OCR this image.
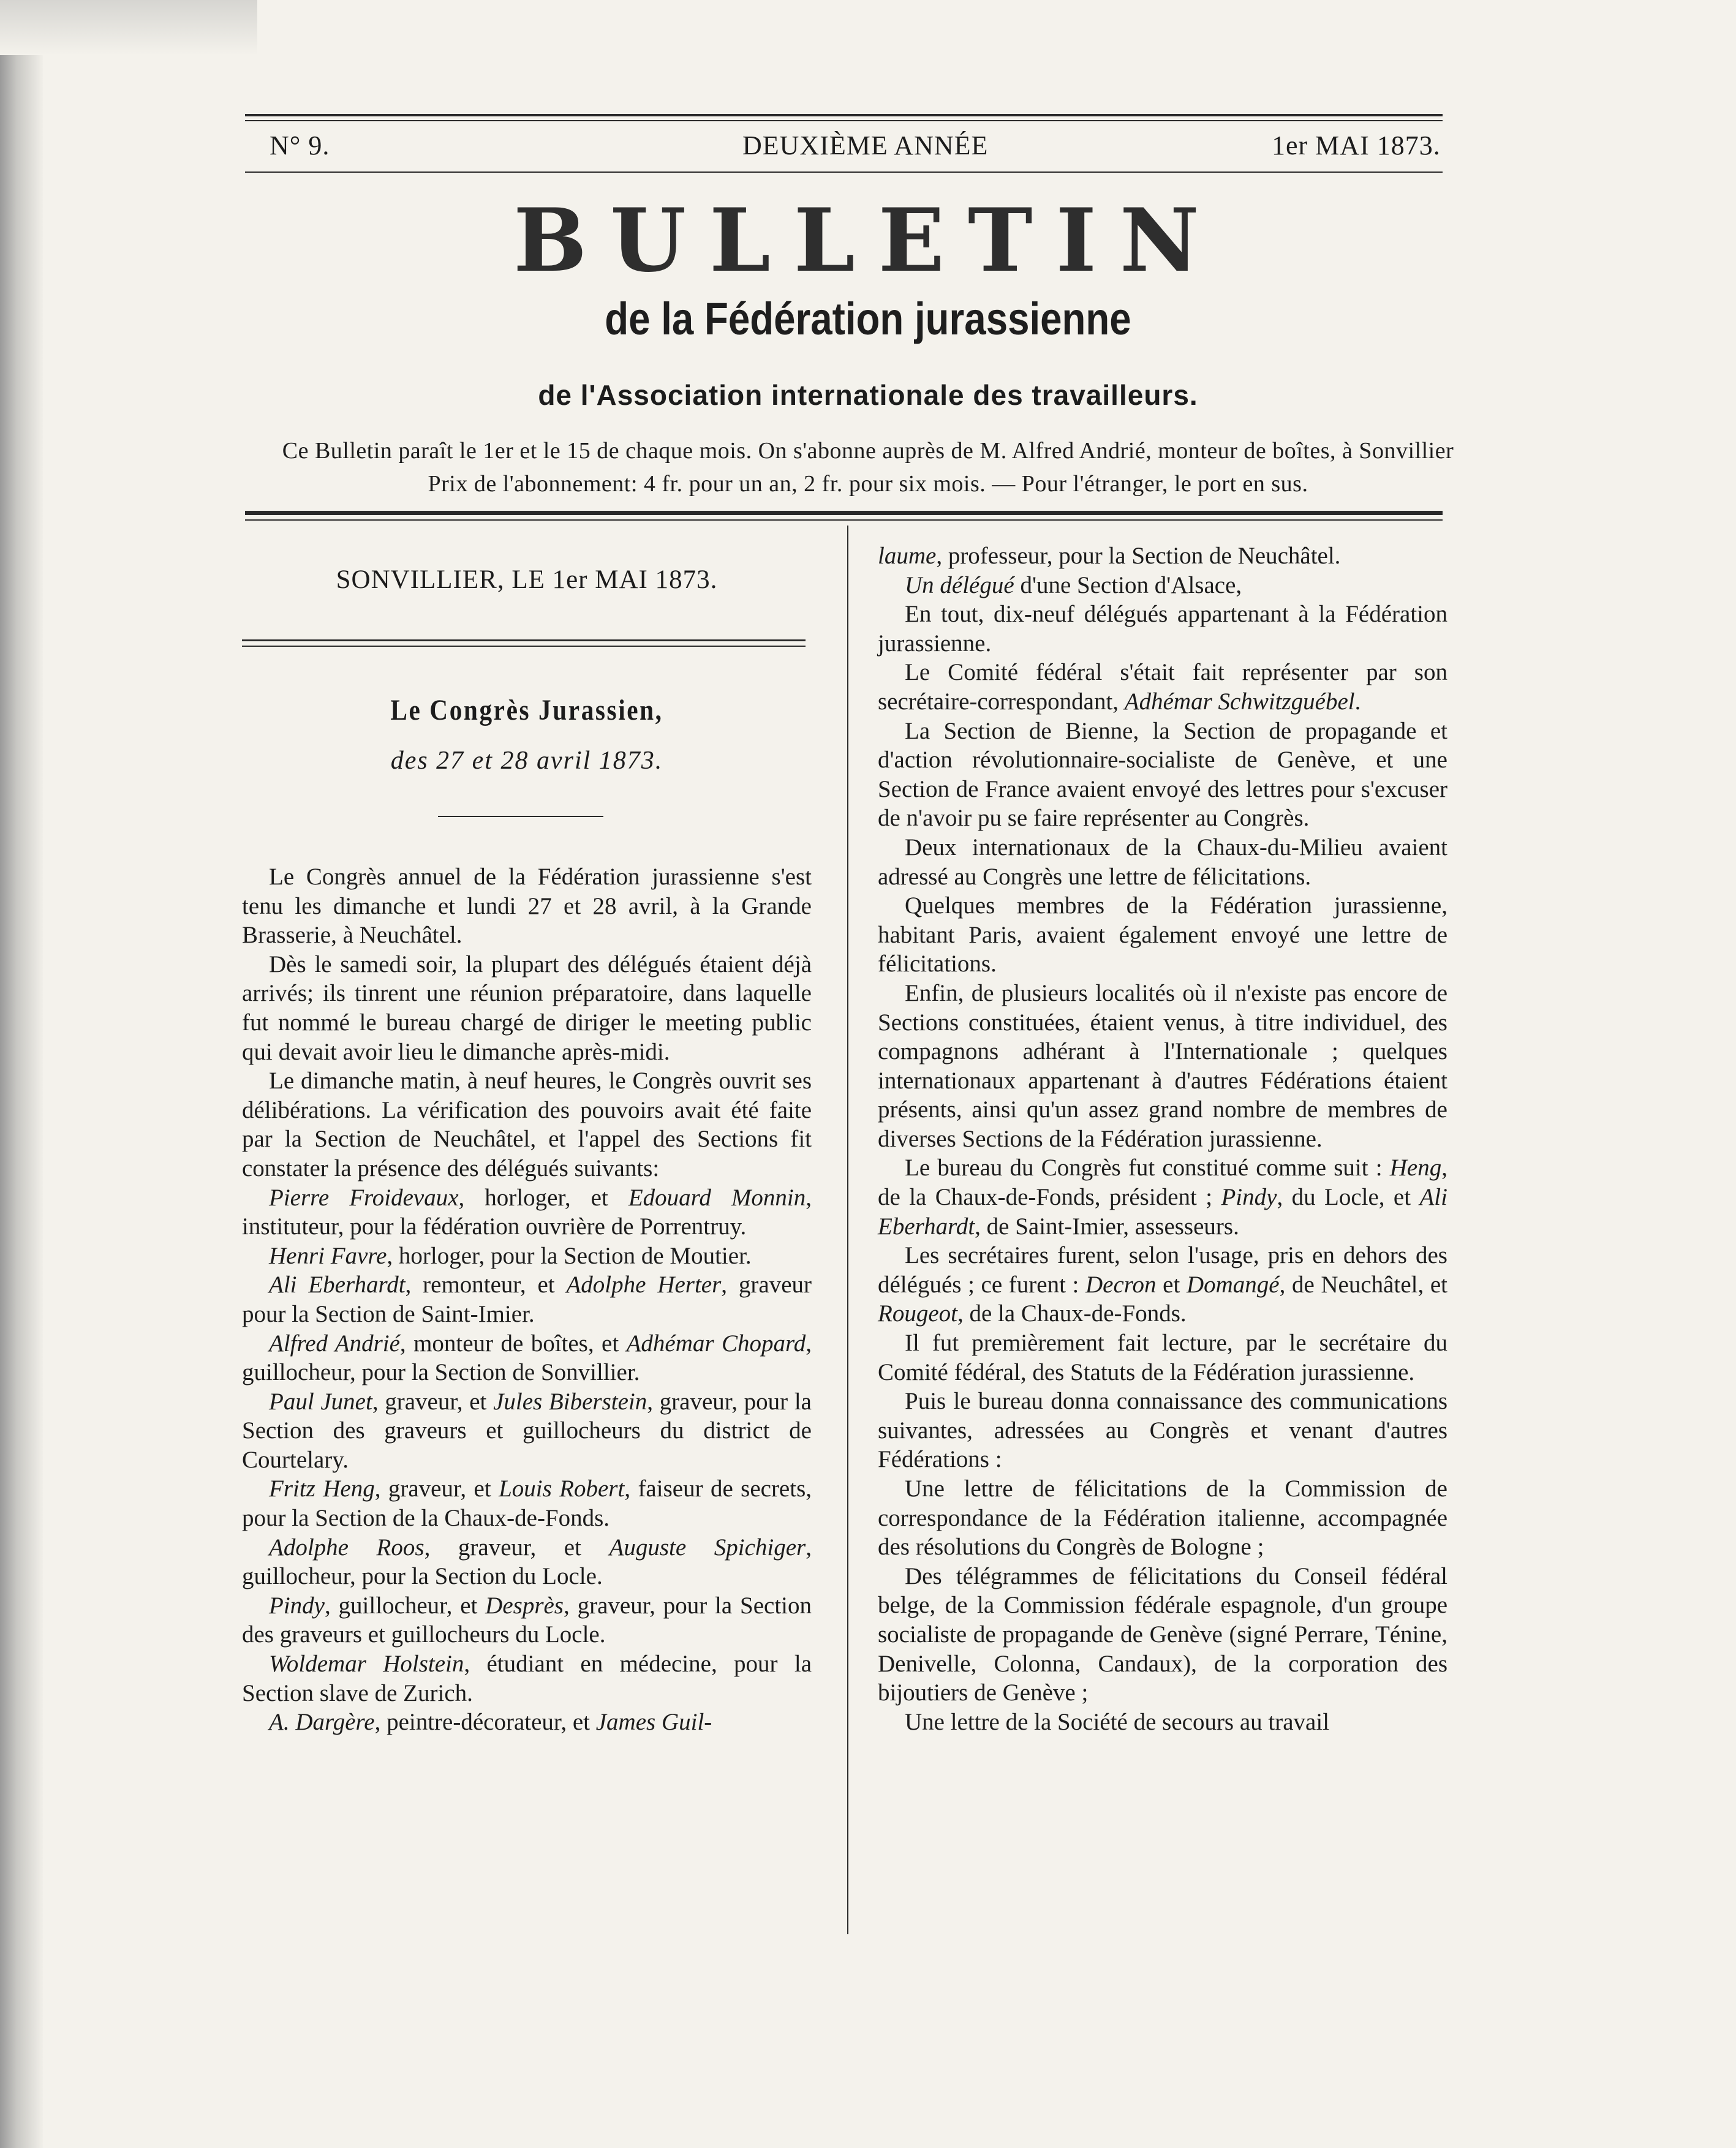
N° 9.	DEUXIÈME ANNÉE	1er MAI 1873.
BULLETIN
de la Fédération jurassienne
de l'Association internationale des travailleurs.
Ce Bulletin paraît le 1er et le 15 de chaque mois. On s'abonne auprès de M. Alfred Andrié, monteur de boîtes, à Sonvillier
Prix de l'abonnement: 4 fr. pour un an, 2 fr. pour six mois. — Pour l'étranger, le port en sus.
SONVILLIER, LE 1er MAI 1873.
Le Congrès Jurassien,
des 27 et 28 avril 1873.

Le Congrès annuel de la Fédération jurassienne s'est tenu les dimanche et lundi 27 et 28 avril, à la Grande Brasserie, à Neuchâtel.

Dès le samedi soir, la plupart des délégués étaient déjà arrivés; ils tinrent une réunion préparatoire, dans laquelle fut nommé le bureau chargé de diriger le meeting public qui devait avoir lieu le dimanche après-midi.

Le dimanche matin, à neuf heures, le Congrès ouvrit ses délibérations. La vérification des pouvoirs avait été faite par la Section de Neuchâtel, et l'appel des Sections fit constater la présence des délégués suivants:

Pierre Froidevaux, horloger, et Edouard Monnin, instituteur, pour la fédération ouvrière de Porrentruy.

Henri Favre, horloger, pour la Section de Moutier.

Ali Eberhardt, remonteur, et Adolphe Herter, graveur pour la Section de Saint-Imier.

Alfred Andrié, monteur de boîtes, et Adhémar Chopard, guillocheur, pour la Section de Sonvillier.

Paul Junet, graveur, et Jules Biberstein, graveur, pour la Section des graveurs et guillocheurs du district de Courtelary.

Fritz Heng, graveur, et Louis Robert, faiseur de secrets, pour la Section de la Chaux-de-Fonds.

Adolphe Roos, graveur, et Auguste Spichiger, guillocheur, pour la Section du Locle.

Pindy, guillocheur, et Desprès, graveur, pour la Section des graveurs et guillocheurs du Locle.

Woldemar Holstein, étudiant en médecine, pour la Section slave de Zurich.

A. Dargère, peintre-décorateur, et James Guil-

laume, professeur, pour la Section de Neuchâtel.

Un délégué d'une Section d'Alsace,

En tout, dix-neuf délégués appartenant à la Fédération jurassienne.

Le Comité fédéral s'était fait représenter par son secrétaire-correspondant, Adhémar Schwitzguébel.

La Section de Bienne, la Section de propagande et d'action révolutionnaire-socialiste de Genève, et une Section de France avaient envoyé des lettres pour s'excuser de n'avoir pu se faire représenter au Congrès.

Deux internationaux de la Chaux-du-Milieu avaient adressé au Congrès une lettre de félicitations.

Quelques membres de la Fédération jurassienne, habitant Paris, avaient également envoyé une lettre de félicitations.

Enfin, de plusieurs localités où il n'existe pas encore de Sections constituées, étaient venus, à titre individuel, des compagnons adhérant à l'Internationale ; quelques internationaux appartenant à d'autres Fédérations étaient présents, ainsi qu'un assez grand nombre de membres de diverses Sections de la Fédération jurassienne.

Le bureau du Congrès fut constitué comme suit : Heng, de la Chaux-de-Fonds, président ; Pindy, du Locle, et Ali Eberhardt, de Saint-Imier, assesseurs.

Les secrétaires furent, selon l'usage, pris en dehors des délégués ; ce furent : Decron et Domangé, de Neuchâtel, et Rougeot, de la Chaux-de-Fonds.

Il fut premièrement fait lecture, par le secrétaire du Comité fédéral, des Statuts de la Fédération jurassienne.

Puis le bureau donna connaissance des communications suivantes, adressées au Congrès et venant d'autres Fédérations :

Une lettre de félicitations de la Commission de correspondance de la Fédération italienne, accompagnée des résolutions du Congrès de Bologne ;

Des télégrammes de félicitations du Conseil fédéral belge, de la Commission fédérale espagnole, d'un groupe socialiste de propagande de Genève (signé Perrare, Ténine, Denivelle, Colonna, Candaux), de la corporation des bijoutiers de Genève ;

Une lettre de la Société de secours au travail
